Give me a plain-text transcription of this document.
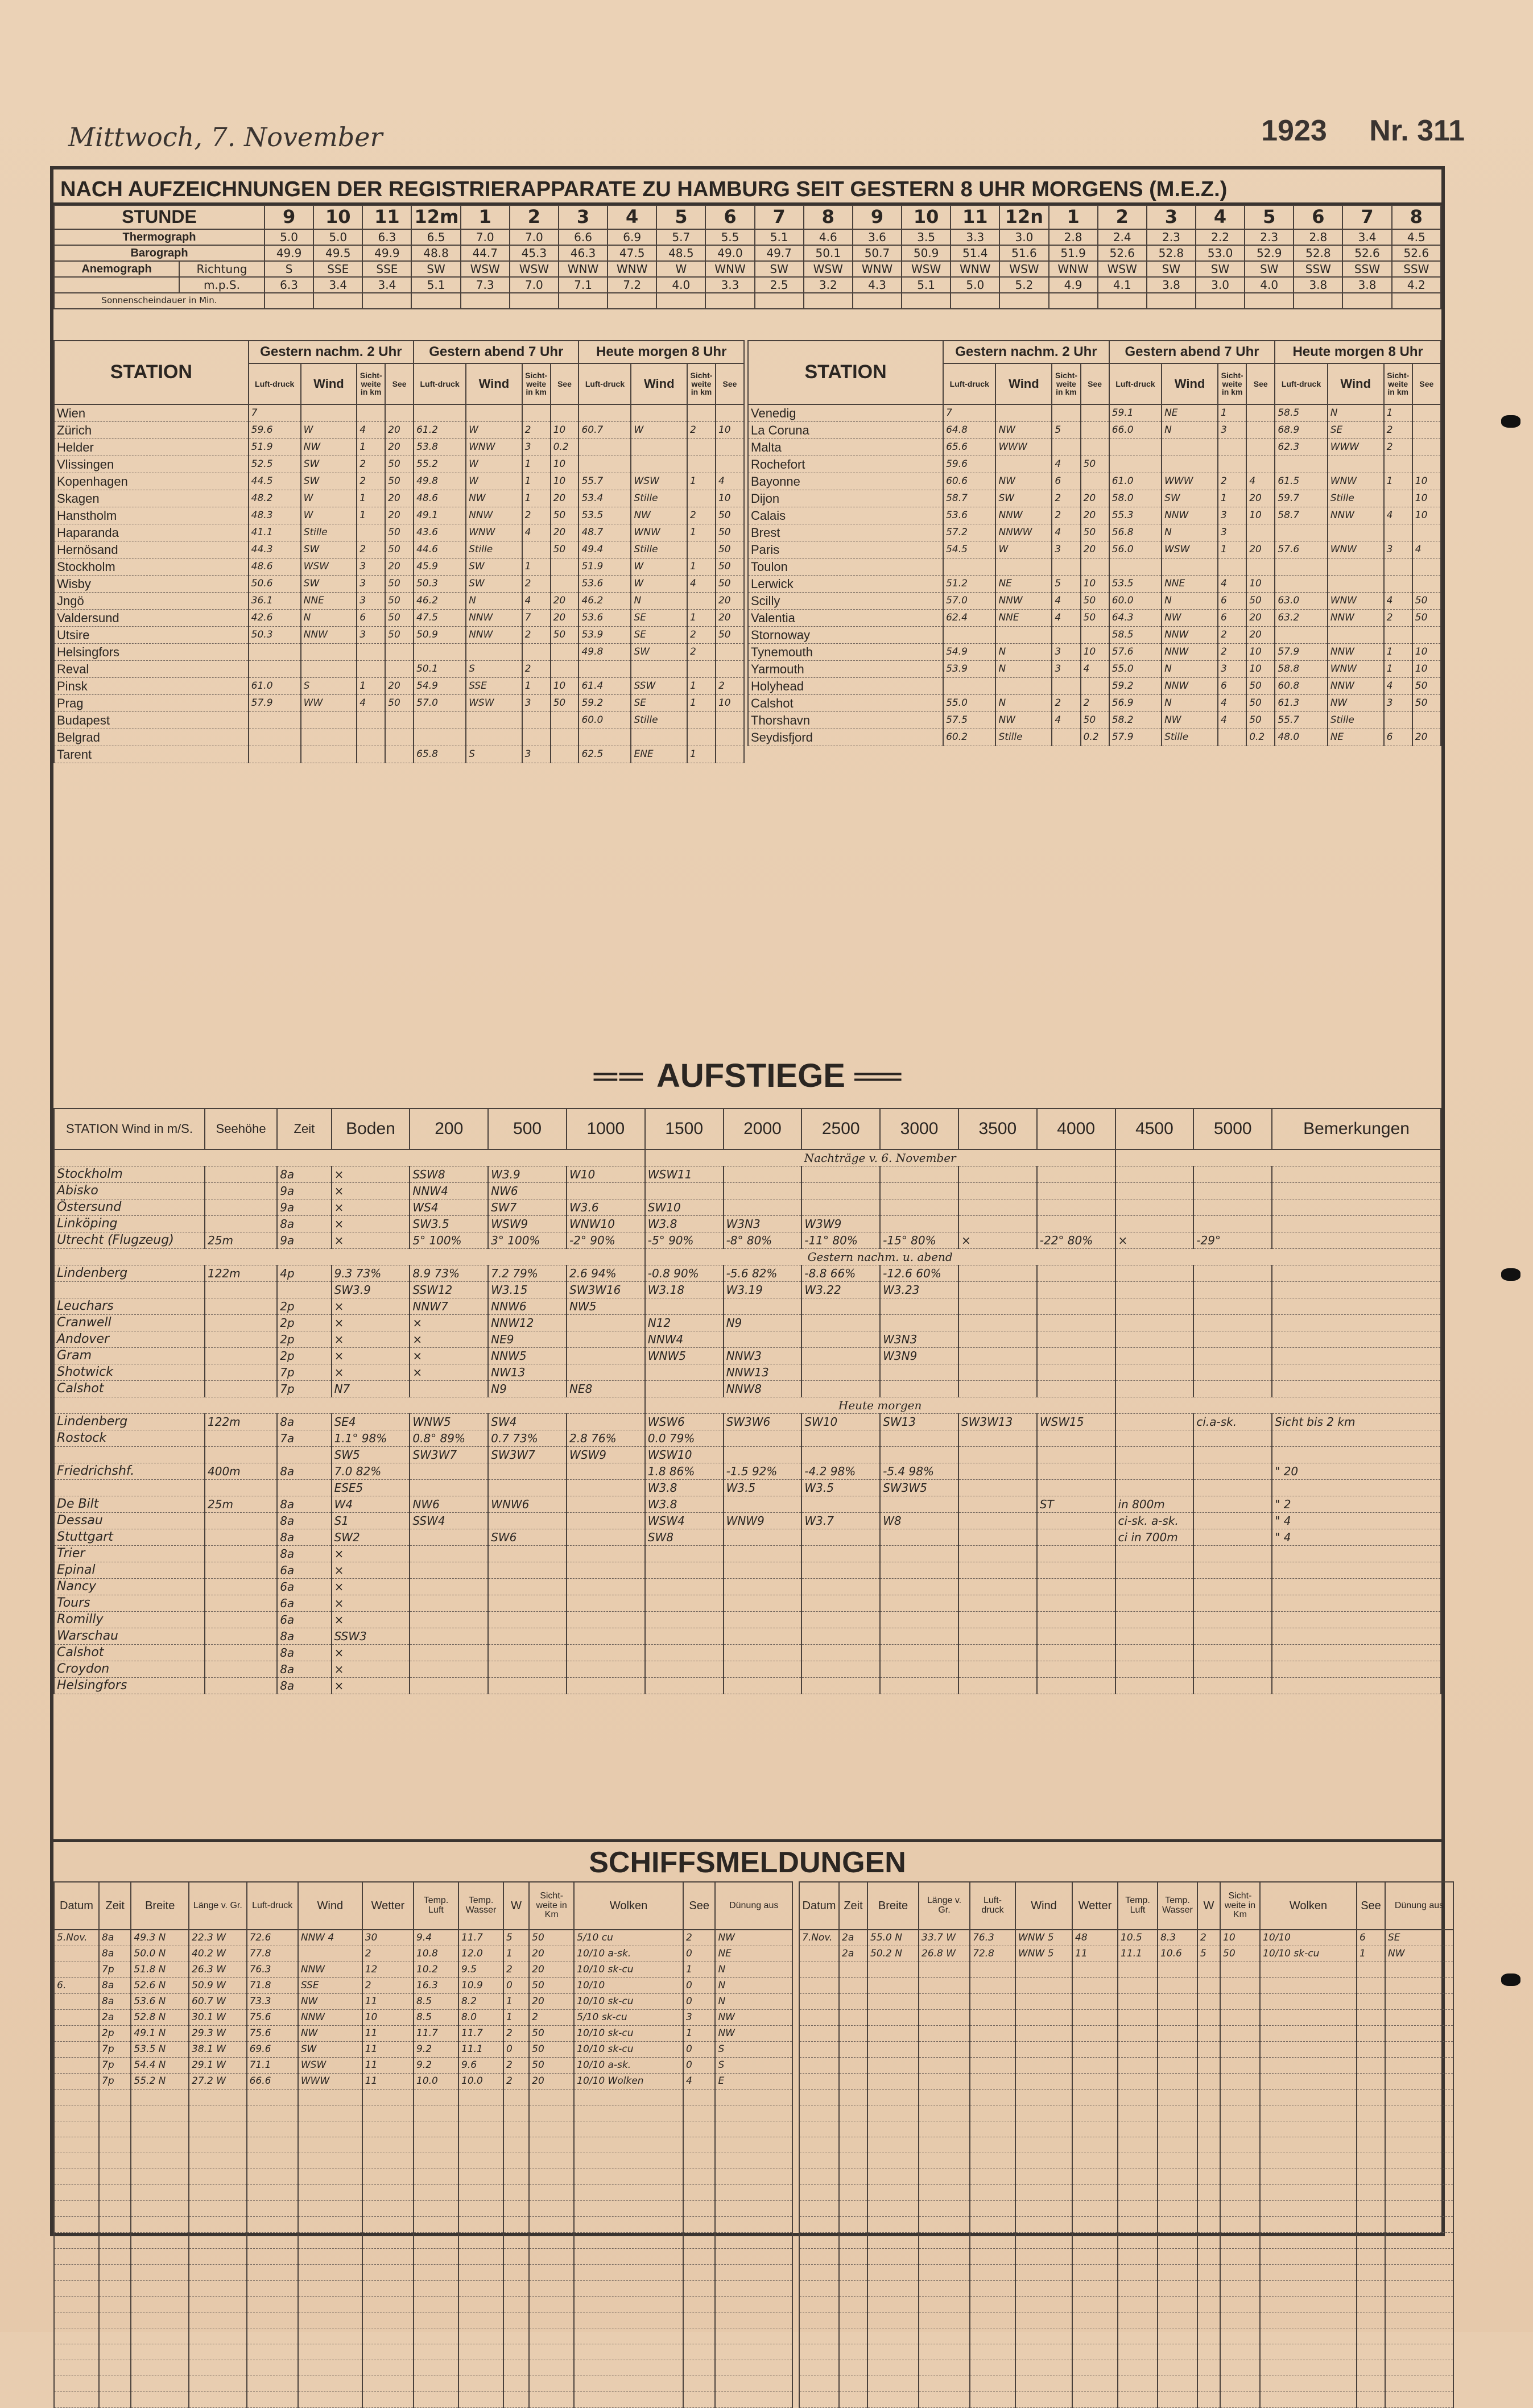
Mittwoch, 7. November	1923 Nr. 311
NACH AUFZEICHNUNGEN DER REGISTRIERAPPARATE ZU HAMBURG SEIT GESTERN 8 UHR MORGENS (M.E.Z.)
STUNDE		9	10	11	12m	1	2	3	4	5	6	7	8	9	10	11	12n	1	2	3	4	5	6	7	8
Thermograph		5.0	5.0	6.3	6.5	7.0	7.0	6.6	6.9	5.7	5.5	5.1	4.6	3.6	3.5	3.3	3.0	2.8	2.4	2.3	2.2	2.3	2.8	3.4	4.5
Barograph		49.9	49.5	49.9	48.8	44.7	45.3	46.3	47.5	48.5	49.0	49.7	50.1	50.7	50.9	51.4	51.6	51.9	52.6	52.8	53.0	52.9	52.8	52.6	52.6
Anemograph	Richtung	S	SSE	SSE	SW	WSW	WSW	WNW	WNW	W	WNW	SW	WSW	WNW	WSW	WNW	WSW	WNW	WSW	SW	SW	SW	SSW	SSW	SSW
	m.p.S.	6.3	3.4	3.4	5.1	7.3	7.0	7.1	7.2	4.0	3.3	2.5	3.2	4.3	5.1	5.0	5.2	4.9	4.1	3.8	3.0	4.0	3.8	3.8	4.2
Sonnenscheindauer in Min.																									
STATION	Gestern nachm. 2 Uhr				Gestern abend 7 Uhr				Heute morgen 8 Uhr			
	Luft-druck	Wind	Sicht-weite in km	See	Luft-druck	Wind	Sicht-weite in km	See	Luft-druck	Wind	Sicht-weite in km	See
Wien	7											
Zürich	59.6	W	4	20	61.2	W	2	10	60.7	W	2	10
Helder	51.9	NW	1	20	53.8	WNW	3	0.2				
Vlissingen	52.5	SW	2	50	55.2	W	1	10				
Kopenhagen	44.5	SW	2	50	49.8	W	1	10	55.7	WSW	1	4
Skagen	48.2	W	1	20	48.6	NW	1	20	53.4	Stille		10
Hanstholm	48.3	W	1	20	49.1	NNW	2	50	53.5	NW	2	50
Haparanda	41.1	Stille		50	43.6	WNW	4	20	48.7	WNW	1	50
Hernösand	44.3	SW	2	50	44.6	Stille		50	49.4	Stille		50
Stockholm	48.6	WSW	3	20	45.9	SW	1		51.9	W	1	50
Wisby	50.6	SW	3	50	50.3	SW	2		53.6	W	4	50
Jngö	36.1	NNE	3	50	46.2	N	4	20	46.2	N		20
Valdersund	42.6	N	6	50	47.5	NNW	7	20	53.6	SE	1	20
Utsire	50.3	NNW	3	50	50.9	NNW	2	50	53.9	SE	2	50
Helsingfors									49.8	SW	2	
Reval					50.1	S	2					
Pinsk	61.0	S	1	20	54.9	SSE	1	10	61.4	SSW	1	2
Prag	57.9	WW	4	50	57.0	WSW	3	50	59.2	SE	1	10
Budapest									60.0	Stille		
Belgrad												
Tarent					65.8	S	3		62.5	ENE	1	
STATION	Gestern nachm. 2 Uhr				Gestern abend 7 Uhr				Heute morgen 8 Uhr			
	Luft-druck	Wind	Sicht-weite in km	See	Luft-druck	Wind	Sicht-weite in km	See	Luft-druck	Wind	Sicht-weite in km	See
Venedig	7				59.1	NE	1		58.5	N	1	
La Coruna	64.8	NW	5		66.0	N	3		68.9	SE	2	
Malta	65.6	WWW							62.3	WWW	2	
Rochefort	59.6		4	50								
Bayonne	60.6	NW	6		61.0	WWW	2	4	61.5	WNW	1	10
Dijon	58.7	SW	2	20	58.0	SW	1	20	59.7	Stille		10
Calais	53.6	NNW	2	20	55.3	NNW	3	10	58.7	NNW	4	10
Brest	57.2	NNWW	4	50	56.8	N	3					
Paris	54.5	W	3	20	56.0	WSW	1	20	57.6	WNW	3	4
Toulon												
Lerwick	51.2	NE	5	10	53.5	NNE	4	10				
Scilly	57.0	NNW	4	50	60.0	N	6	50	63.0	WNW	4	50
Valentia	62.4	NNE	4	50	64.3	NW	6	20	63.2	NNW	2	50
Stornoway					58.5	NNW	2	20				
Tynemouth	54.9	N	3	10	57.6	NNW	2	10	57.9	NNW	1	10
Yarmouth	53.9	N	3	4	55.0	N	3	10	58.8	WNW	1	10
Holyhead					59.2	NNW	6	50	60.8	NNW	4	50
Calshot	55.0	N	2	2	56.9	N	4	50	61.3	NW	3	50
Thorshavn	57.5	NW	4	50	58.2	NW	4	50	55.7	Stille		
Seydisfjord	60.2	Stille		0.2	57.9	Stille		0.2	48.0	NE	6	20
══ AUFSTIEGE ══
STATION Wind in m/S.	Seehöhe	Zeit	Boden	200	500	1000	1500	2000	2500	3000	3500	4000	4500	5000	Bemerkungen
							Nachträge v. 6. November								
Stockholm		8a	×	SSW8	W3.9	W10	WSW11								
Abisko		9a	×	NNW4	NW6										
Östersund		9a	×	WS4	SW7	W3.6	SW10								
Linköping		8a	×	SW3.5	WSW9	WNW10	W3.8	W3N3	W3W9						
Utrecht (Flugzeug)	25m	9a	×	5° 100%	3° 100%	-2° 90%	-5° 90%	-8° 80%	-11° 80%	-15° 80%	×	-22° 80%	×	-29°	
							Gestern nachm. u. abend								
Lindenberg	122m	4p	9.3 73%	8.9 73%	7.2 79%	2.6 94%	-0.8 90%	-5.6 82%	-8.8 66%	-12.6 60%					
			SW3.9	SSW12	W3.15	SW3W16	W3.18	W3.19	W3.22	W3.23					
Leuchars		2p	×	NNW7	NNW6	NW5									
Cranwell		2p	×	×	NNW12		N12	N9							
Andover		2p	×	×	NE9		NNW4			W3N3					
Gram		2p	×	×	NNW5		WNW5	NNW3		W3N9					
Shotwick		7p	×	×	NW13			NNW13							
Calshot		7p	N7		N9	NE8		NNW8							
							Heute morgen								
Lindenberg	122m	8a	SE4	WNW5	SW4		WSW6	SW3W6	SW10	SW13	SW3W13	WSW15		ci.a-sk.	Sicht bis 2 km
Rostock		7a	1.1° 98%	0.8° 89%	0.7 73%	2.8 76%	0.0 79%								
			SW5	SW3W7	SW3W7	WSW9	WSW10								
Friedrichshf.	400m	8a	7.0 82%				1.8 86%	-1.5 92%	-4.2 98%	-5.4 98%					" 20
			ESE5				W3.8	W3.5	W3.5	SW3W5					
De Bilt	25m	8a	W4	NW6	WNW6		W3.8					ST	in 800m		" 2
Dessau		8a	S1	SSW4			WSW4	WNW9	W3.7	W8			ci-sk. a-sk.		" 4
Stuttgart		8a	SW2		SW6		SW8						ci in 700m		" 4
Trier		8a	×												
Epinal		6a	×												
Nancy		6a	×												
Tours		6a	×												
Romilly		6a	×												
Warschau		8a	SSW3												
Calshot		8a	×												
Croydon		8a	×												
Helsingfors		8a	×												
SCHIFFSMELDUNGEN
Datum	Zeit	Breite	Länge v. Gr.	Luft-druck	Wind	Wetter	Temp. Luft	Temp. Wasser	W	Sicht-weite in Km	Wolken	See	Dünung aus
5.Nov.	8a	49.3 N	22.3 W	72.6	NNW 4	30	9.4	11.7	5	50	5/10 cu	2	NW
	8a	50.0 N	40.2 W	77.8		2	10.8	12.0	1	20	10/10 a-sk.	0	NE
	7p	51.8 N	26.3 W	76.3	NNW	12	10.2	9.5	2	20	10/10 sk-cu	1	N
6.	8a	52.6 N	50.9 W	71.8	SSE	2	16.3	10.9	0	50	10/10	0	N
	8a	53.6 N	60.7 W	73.3	NW	11	8.5	8.2	1	20	10/10 sk-cu	0	N
	2a	52.8 N	30.1 W	75.6	NNW	10	8.5	8.0	1	2	5/10 sk-cu	3	NW
	2p	49.1 N	29.3 W	75.6	NW	11	11.7	11.7	2	50	10/10 sk-cu	1	NW
	7p	53.5 N	38.1 W	69.6	SW	11	9.2	11.1	0	50	10/10 sk-cu	0	S
	7p	54.4 N	29.1 W	71.1	WSW	11	9.2	9.6	2	50	10/10 a-sk.	0	S
	7p	55.2 N	27.2 W	66.6	WWW	11	10.0	10.0	2	20	10/10 Wolken	4	E

Datum	Zeit	Breite	Länge v. Gr.	Luft-druck	Wind	Wetter	Temp. Luft	Temp. Wasser	W	Sicht-weite in Km	Wolken	See	Dünung aus
7.Nov.	2a	55.0 N	33.7 W	76.3	WNW 5	48	10.5	8.3	2	10	10/10	6	SE
	2a	50.2 N	26.8 W	72.8	WNW 5	11	11.1	10.6	5	50	10/10 sk-cu	1	NW
